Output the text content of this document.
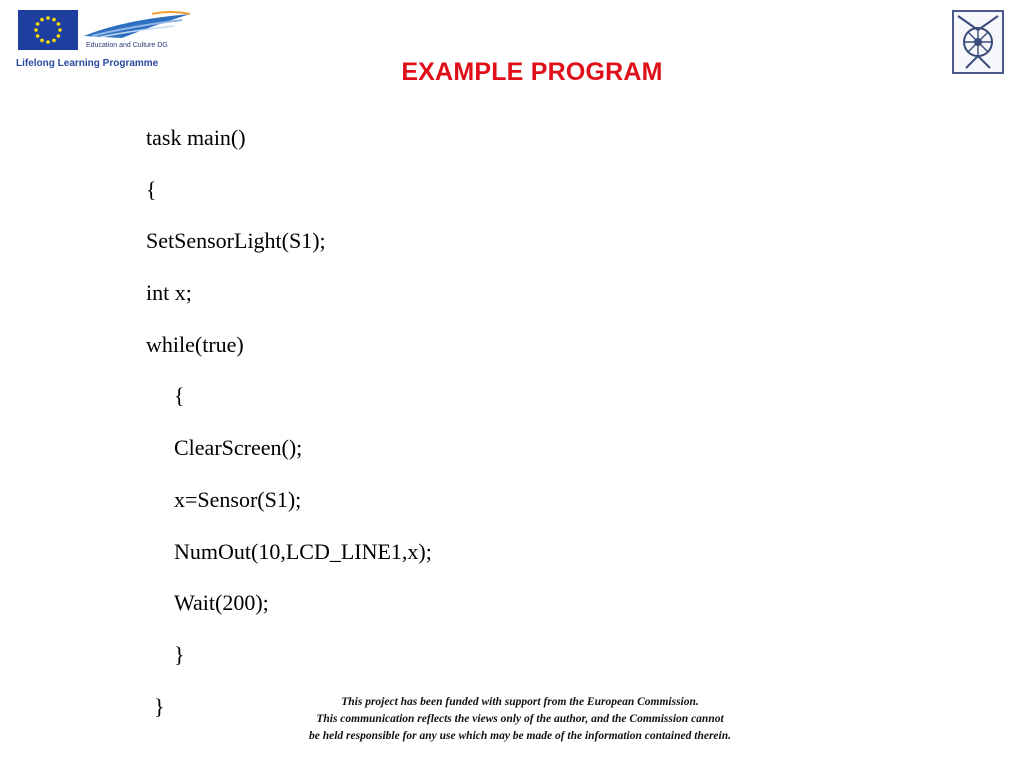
Education and Culture DG
Lifelong Learning Programme	EXAMPLE PROGRAM
task main()
{
SetSensorLight(S1);
int x;
while(true)
{
ClearScreen();
x=Sensor(S1);
NumOut(10,LCD_LINE1,x);
Wait(200);
}
}	This project has been funded with support from the European Commission.
This communication reflects the views only of the author, and the Commission cannot
be held responsible for any use which may be made of the information contained therein.
